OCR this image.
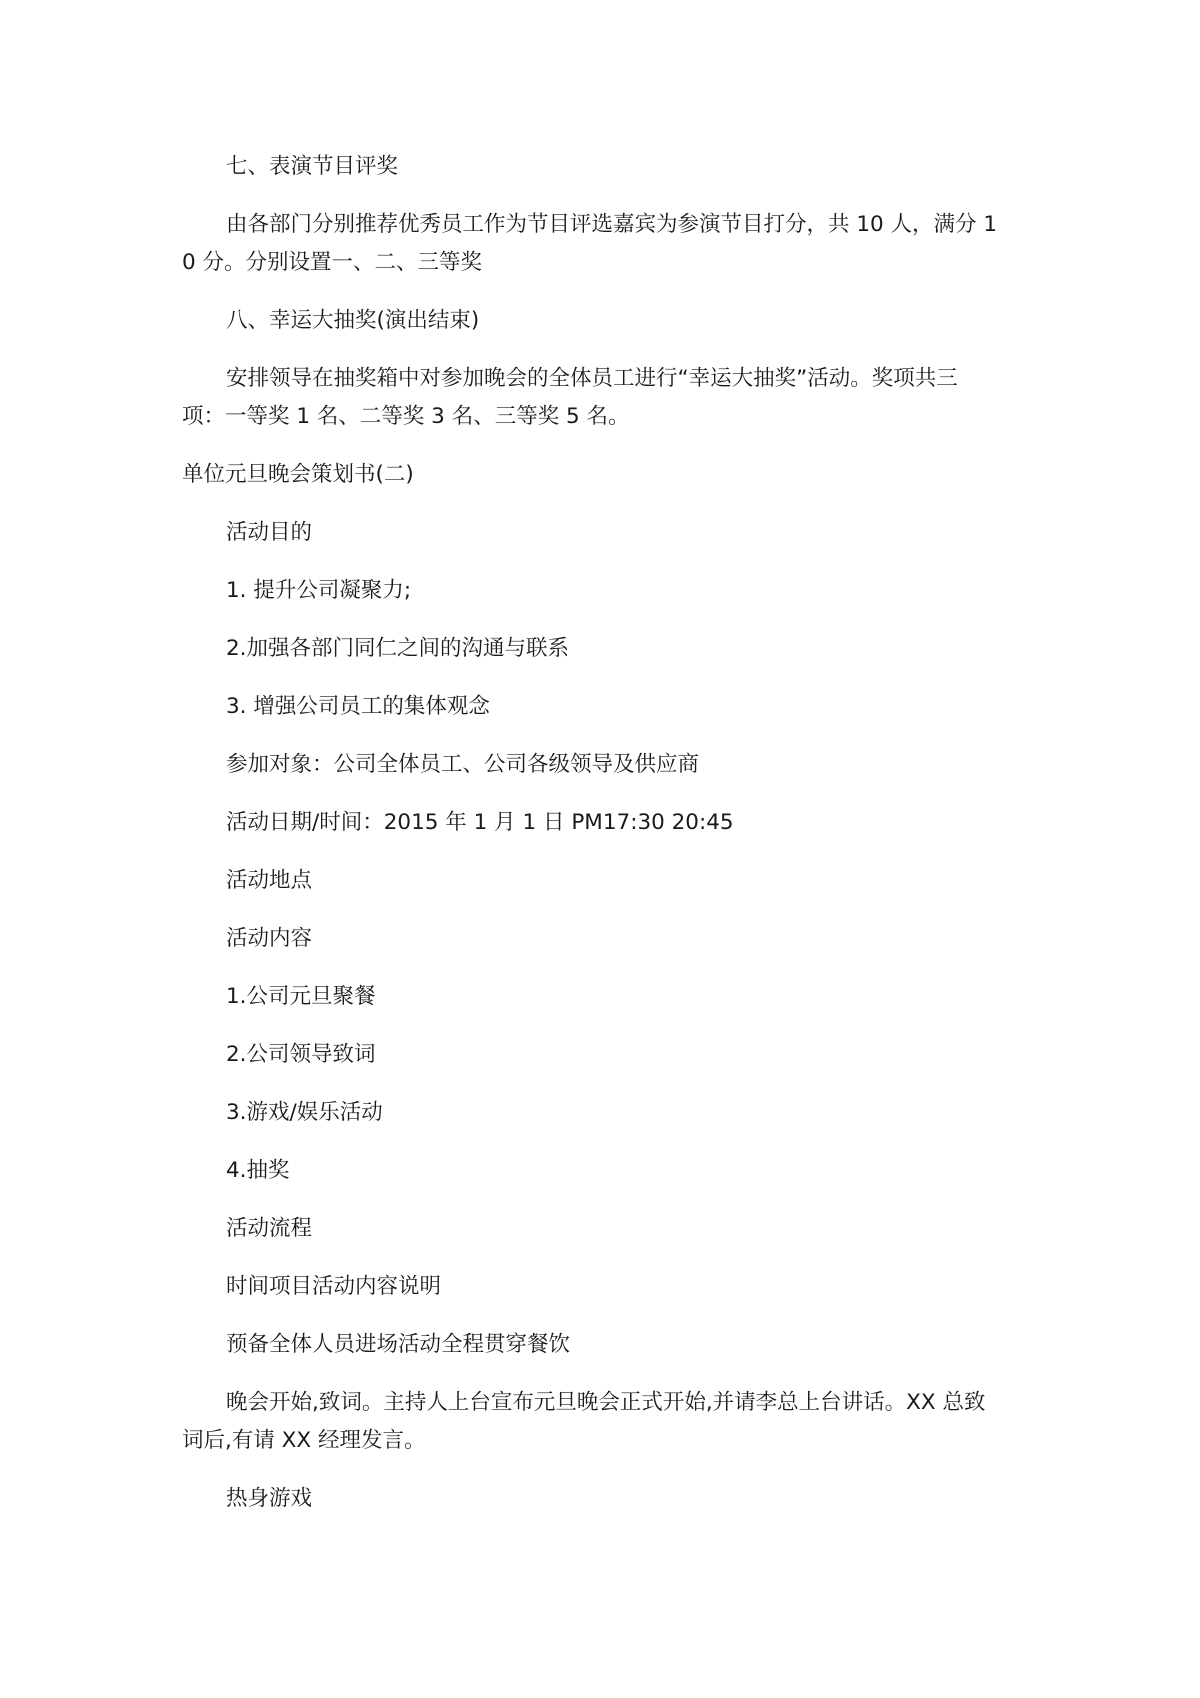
七、表演节目评奖

由各部门分别推荐优秀员工作为节目评选嘉宾为参演节目打分，共 10 人，满分 10 分。分别设置一、二、三等奖

八、幸运大抽奖(演出结束)

安排领导在抽奖箱中对参加晚会的全体员工进行“幸运大抽奖”活动。奖项共三项：一等奖 1 名、二等奖 3 名、三等奖 5 名。

单位元旦晚会策划书(二)

活动目的

1. 提升公司凝聚力;

2.加强各部门同仁之间的沟通与联系

3. 增强公司员工的集体观念

参加对象：公司全体员工、公司各级领导及供应商

活动日期/时间：2015 年 1 月 1 日 PM17:30 20:45

活动地点

活动内容

1.公司元旦聚餐

2.公司领导致词

3.游戏/娱乐活动

4.抽奖

活动流程

时间项目活动内容说明

预备全体人员进场活动全程贯穿餐饮

晚会开始,致词。主持人上台宣布元旦晚会正式开始,并请李总上台讲话。XX 总致词后,有请 XX 经理发言。

热身游戏
